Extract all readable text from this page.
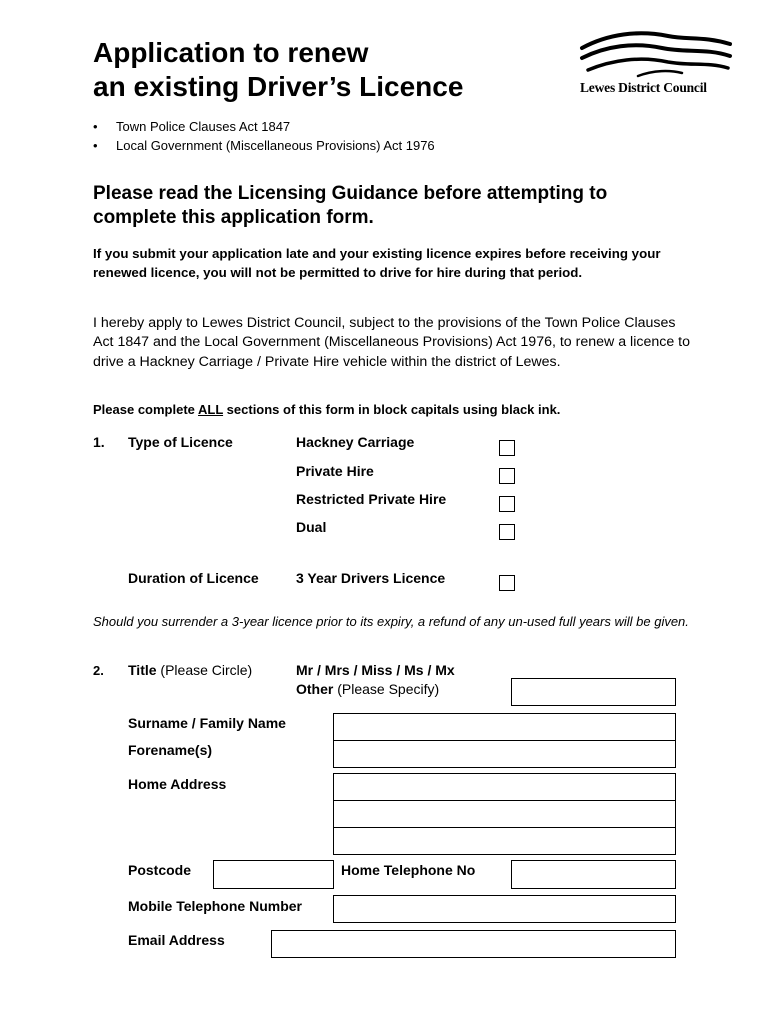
Application to renew
an existing Driver’s Licence	Lewes District Council
• Town Police Clauses Act 1847
• Local Government (Miscellaneous Provisions) Act 1976

Please read the Licensing Guidance before attempting to complete this application form.

If you submit your application late and your existing licence expires before receiving your renewed licence, you will not be permitted to drive for hire during that period.

I hereby apply to Lewes District Council, subject to the provisions of the Town Police Clauses Act 1847 and the Local Government (Miscellaneous Provisions) Act 1976, to renew a licence to drive a Hackney Carriage / Private Hire vehicle within the district of Lewes.

Please complete ALL sections of this form in block capitals using black ink.
1. Type of Licence	Hackney Carriage
Private Hire
Restricted Private Hire
Dual
Duration of Licence	3 Year Drivers Licence

Should you surrender a 3-year licence prior to its expiry, a refund of any un-used full years will be given.

2. Title (Please Circle)	Mr / Mrs / Miss / Ms / Mx
Other (Please Specify)
Surname / Family Name
Forename(s)
Home Address
Postcode	Home Telephone No
Mobile Telephone Number
Email Address
